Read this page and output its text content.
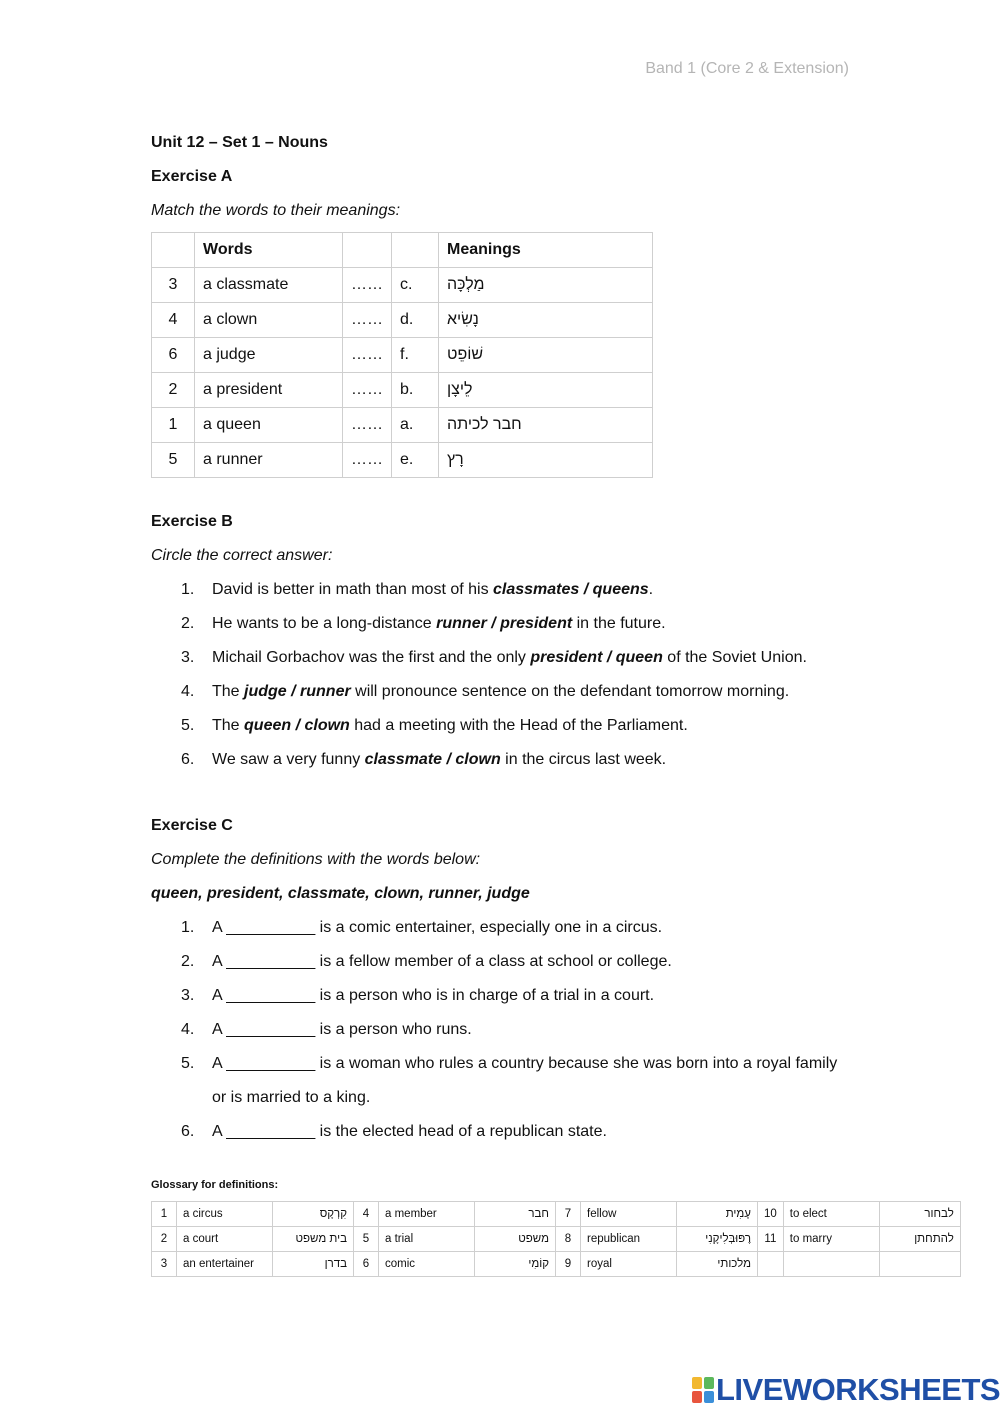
Band 1 (Core 2 & Extension)
Unit 12 – Set 1 – Nouns
Exercise A
Match the words to their meanings:
	Words			Meanings
3	a classmate	……	c.	מַלְכָּה
4	a clown	……	d.	נָשִׂיא
6	a judge	……	f.	שׁוֹפֵט
2	a president	……	b.	לֵיצָן
1	a queen	……	a.	חבר לכיתה
5	a runner	……	e.	רָץ
Exercise B
Circle the correct answer:
1. David is better in math than most of his classmates / queens.
2. He wants to be a long-distance runner / president in the future.
3. Michail Gorbachov was the first and the only president / queen of the Soviet Union.
4. The judge / runner will pronounce sentence on the defendant tomorrow morning.
5. The queen / clown had a meeting with the Head of the Parliament.
6. We saw a very funny classmate / clown in the circus last week.
Exercise C
Complete the definitions with the words below:
queen, president, classmate, clown, runner, judge
1. A __________ is a comic entertainer, especially one in a circus.
2. A __________ is a fellow member of a class at school or college.
3. A __________ is a person who is in charge of a trial in a court.
4. A __________ is a person who runs.
5. A __________ is a woman who rules a country because she was born into a royal family or is married to a king.
6. A __________ is the elected head of a republican state.
Glossary for definitions:
1	a circus	קִרְקָס	4	a member	חבר	7	fellow	עָמִית	10	to elect	לבחור
2	a court	בית משפט	5	a trial	משפט	8	republican	רֶפּוּבְּלִיקָנִי	11	to marry	להתחתן
3	an entertainer	בדרן	6	comic	קוֹמִי	9	royal	מלכותי			
LIVEWORKSHEETS
